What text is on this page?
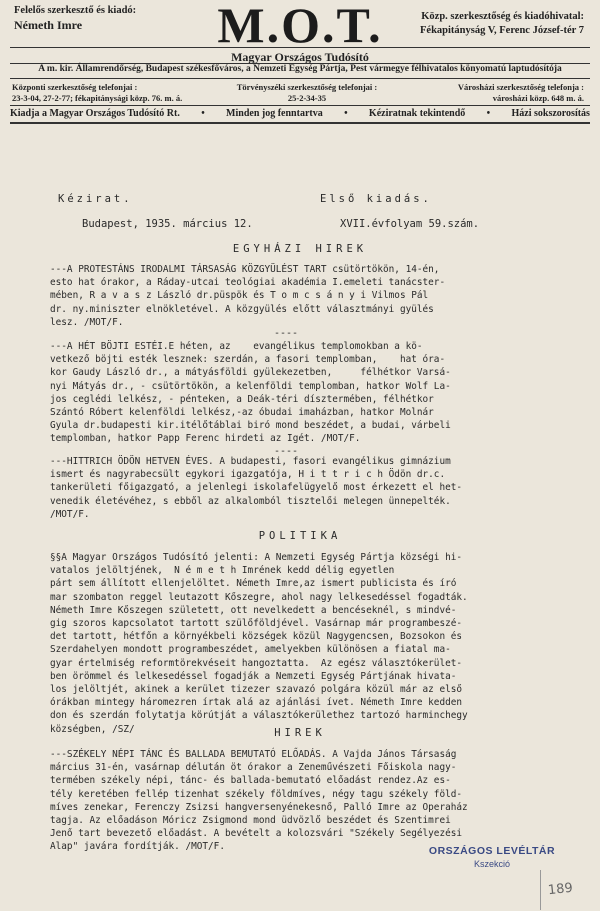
Felelős szerkesztő és kiadó:
Németh Imre	M.O.T.	Közp. szerkesztőség és kiadóhivatal:
Fékapitányság V, Ferenc József-tér 7
Magyar Országos Tudósító
A m. kir. Államrendőrség, Budapest székesfőváros, a Nemzeti Egység Pártja, Pest vármegye félhivatalos könyomatú laptudósítója
Központi szerkesztőség telefonjai :
23-3-04, 27-2-77; fékapitánysági közp. 76. m. á.
Törvényszéki szerkesztőség telefonjai :
25-2-34-35
Városházi szerkesztőség telefonja :
városházi közp. 648 m. á.
Kiadja a Magyar Országos Tudósító Rt. • Minden jog fenntartva • Kéziratnak tekintendő • Házi sokszorosítás
Kézirat.	Első kiadás.
Budapest, 1935. március 12.	XVII.évfolyam 59.szám.
EGYHÁZI HIREK
---A PROTESTÁNS IRODALMI TÁRSASÁG KÖZGYÜLÉST TART csütörtökön, 14-én,
esto hat órakor, a Ráday-utcai teológiai akadémia I.emeleti tanácster-
mében, R a v a s z László dr.püspök és T o m c s á n y i Vilmos Pál
dr. ny.miniszter elnökletével. A közgyülés előtt választmányi gyülés
lesz. /MOT/F.
----
---A HÉT BÖJTI ESTÉI.E héten, az    evangélikus templomokban a kö-
vetkező böjti esték lesznek: szerdán, a fasori templomban,    hat óra-
kor Gaudy László dr., a mátyásföldi gyülekezetben,     félhétkor Varsá-
nyi Mátyás dr., - csütörtökön, a kelenföldi templomban, hatkor Wolf La-
jos ceglédi lelkész, - pénteken, a Deák-téri dísztermében, félhétkor
Szántó Róbert kelenföldi lelkész,-az óbudai imaházban, hatkor Molnár
Gyula dr.budapesti kir.itélőtáblai biró mond beszédet, a budai, várbeli
templomban, hatkor Papp Ferenc hirdeti az Igét. /MOT/F.
----
---HITTRICH ÖDÖN HETVEN ÉVES. A budapesti, fasori evangélikus gimnázium
ismert és nagyrabecsült egykori igazgatója, H i t t r i c h Ödön dr.c.
tankerületi főigazgató, a jelenlegi iskolafelügyelő most érkezett el het-
venedik életévéhez, s ebből az alkalomból tisztelői melegen ünnepelték.
/MOT/F.
POLITIKA
§§A Magyar Országos Tudósító jelenti: A Nemzeti Egység Pártja községi hi-
vatalos jelöltjének,  N é m e t h Imrének kedd délig egyetlen
párt sem állított ellenjelöltet. Németh Imre,az ismert publicista és író
mar szombaton reggel leutazott Kőszegre, ahol nagy lelkesedéssel fogadták.
Németh Imre Kőszegen született, ott nevelkedett a bencéseknél, s mindvé-
gig szoros kapcsolatot tartott szülőföldjével. Vasárnap már programbeszé-
det tartott, hétfőn a környékbeli községek közül Nagygencsen, Bozsokon és
Szerdahelyen mondott programbeszédet, amelyekben különösen a fiatal ma-
gyar értelmiség reformtörekvéseit hangoztatta.  Az egész választókerület-
ben örömmel és lelkesedéssel fogadják a Nemzeti Egység Pártjának hivata-
los jelöltjét, akinek a kerület tizezer szavazó polgára közül már az első
órákban mintegy háromezren írtak alá az ajánlási ívet. Németh Imre kedden
don és szerdán folytatja körútját a választókerülethez tartozó harminchegy
községben, /SZ/	HIREK
---SZÉKELY NÉPI TÁNC ÉS BALLADA BEMUTATÓ ELŐADÁS. A Vajda János Társaság
március 31-én, vasárnap délután öt órakor a Zeneművészeti Főiskola nagy-
termében székely népi, tánc- és ballada-bemutató előadást rendez.Az es-
tély keretében fellép tizenhat székely földmíves, négy tagu székely föld-
míves zenekar, Ferenczy Zsizsi hangversenyénekesnő, Palló Imre az Operaház
tagja. Az előadáson Móricz Zsigmond mond üdvözlő beszédet és Szentimrei
Jenő tart bevezető előadást. A bevételt a kolozsvári "Székely Segélyezési
Alap" javára fordítják. /MOT/F.	ORSZÁGOS LEVÉLTÁR
Kszekció
189
